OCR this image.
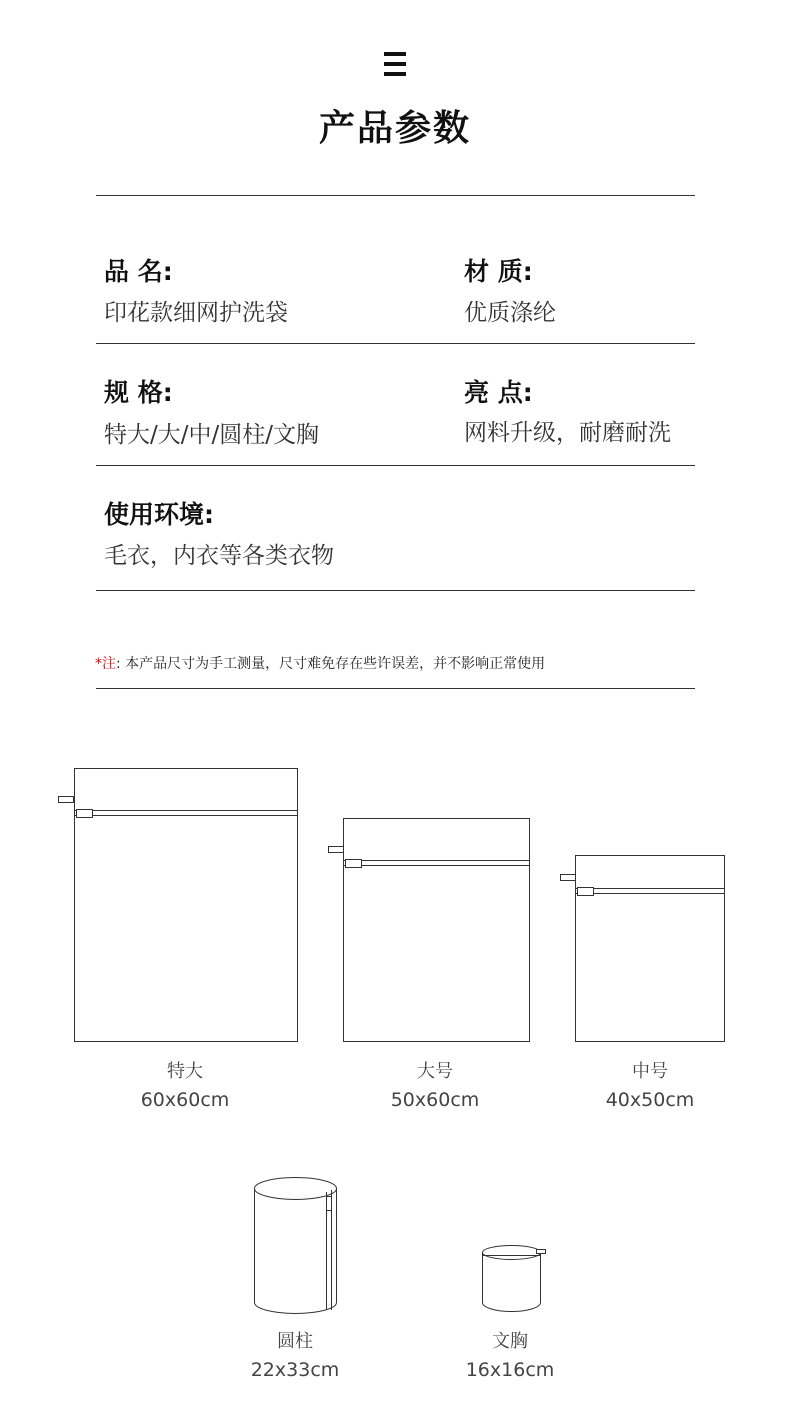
产品参数
品 名:
印花款细网护洗袋
材 质:
优质涤纶
规 格:
特大/大/中/圆柱/文胸
亮 点:
网料升级，耐磨耐洗
使用环境:
毛衣，内衣等各类衣物
*注: 本产品尺寸为手工测量，尺寸难免存在些许误差，并不影响正常使用
特大
60x60cm
大号
50x60cm
中号
40x50cm
圆柱
22x33cm
文胸
16x16cm
